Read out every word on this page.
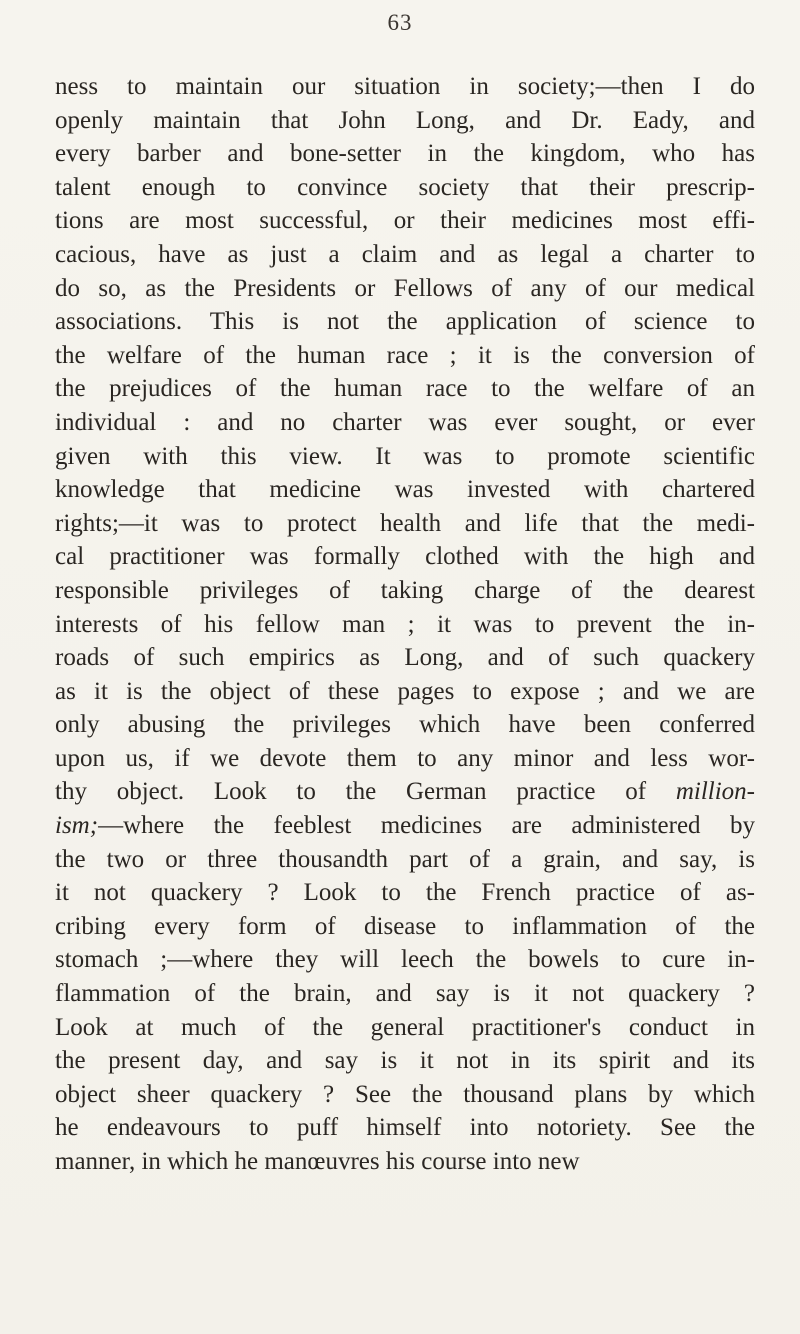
63
ness to maintain our situation in society;—then I do
openly maintain that John Long, and Dr. Eady, and
every barber and bone-setter in the kingdom, who has
talent enough to convince society that their prescrip-
tions are most successful, or their medicines most effi-
cacious, have as just a claim and as legal a charter to
do so, as the Presidents or Fellows of any of our medical
associations. This is not the application of science to
the welfare of the human race ; it is the conversion of
the prejudices of the human race to the welfare of an
individual : and no charter was ever sought, or ever
given with this view. It was to promote scientific
knowledge that medicine was invested with chartered
rights;—it was to protect health and life that the medi-
cal practitioner was formally clothed with the high and
responsible privileges of taking charge of the dearest
interests of his fellow man ; it was to prevent the in-
roads of such empirics as Long, and of such quackery
as it is the object of these pages to expose ; and we are
only abusing the privileges which have been conferred
upon us, if we devote them to any minor and less wor-
thy object. Look to the German practice of million-
ism;—where the feeblest medicines are administered by
the two or three thousandth part of a grain, and say, is
it not quackery ? Look to the French practice of as-
cribing every form of disease to inflammation of the
stomach ;—where they will leech the bowels to cure in-
flammation of the brain, and say is it not quackery ?
Look at much of the general practitioner's conduct in
the present day, and say is it not in its spirit and its
object sheer quackery ? See the thousand plans by which
he endeavours to puff himself into notoriety. See the
manner, in which he manœuvres his course into new
